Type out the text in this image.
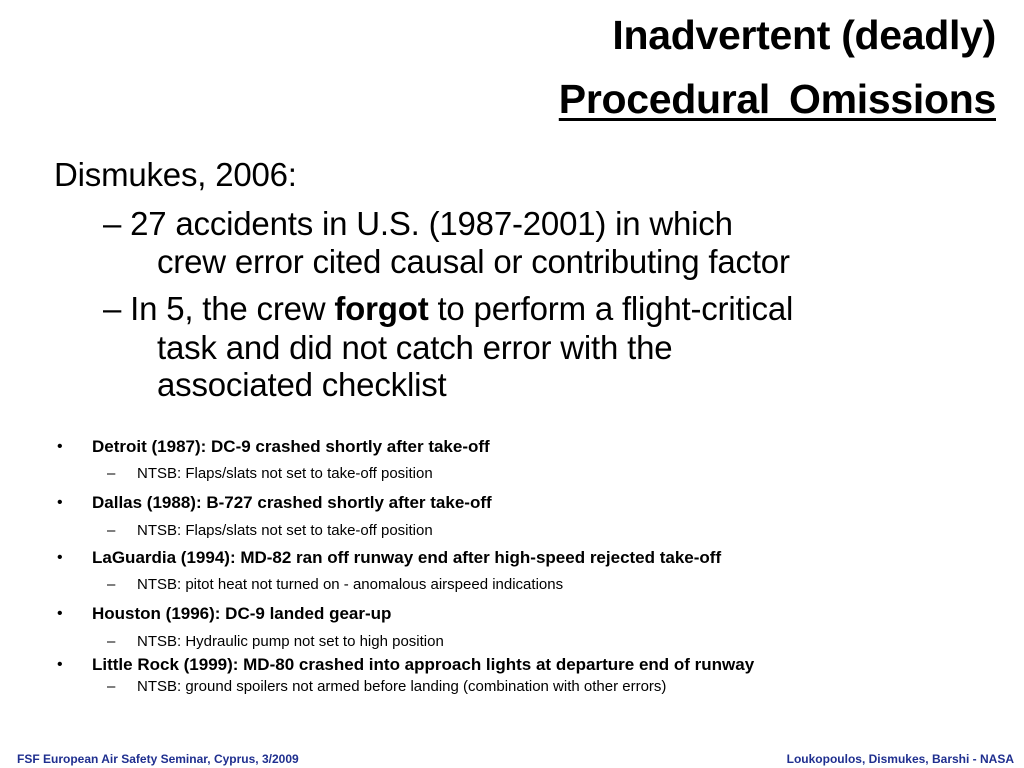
Inadvertent (deadly)
Procedural Omissions
Dismukes, 2006:
– 27 accidents in U.S. (1987-2001) in which
crew error cited causal or contributing factor
– In 5, the crew forgot to perform a flight-critical
task and did not catch error with the
associated checklist
• Detroit (1987): DC-9 crashed shortly after take-off
– NTSB: Flaps/slats not set to take-off position
• Dallas (1988): B-727 crashed shortly after take-off
– NTSB: Flaps/slats not set to take-off position
• LaGuardia (1994): MD-82 ran off runway end after high-speed rejected take-off
– NTSB: pitot heat not turned on - anomalous airspeed indications
• Houston (1996): DC-9 landed gear-up
– NTSB: Hydraulic pump not set to high position
• Little Rock (1999): MD-80 crashed into approach lights at departure end of runway
– NTSB: ground spoilers not armed before landing (combination with other errors)
FSF European Air Safety Seminar, Cyprus, 3/2009	Loukopoulos, Dismukes, Barshi - NASA
